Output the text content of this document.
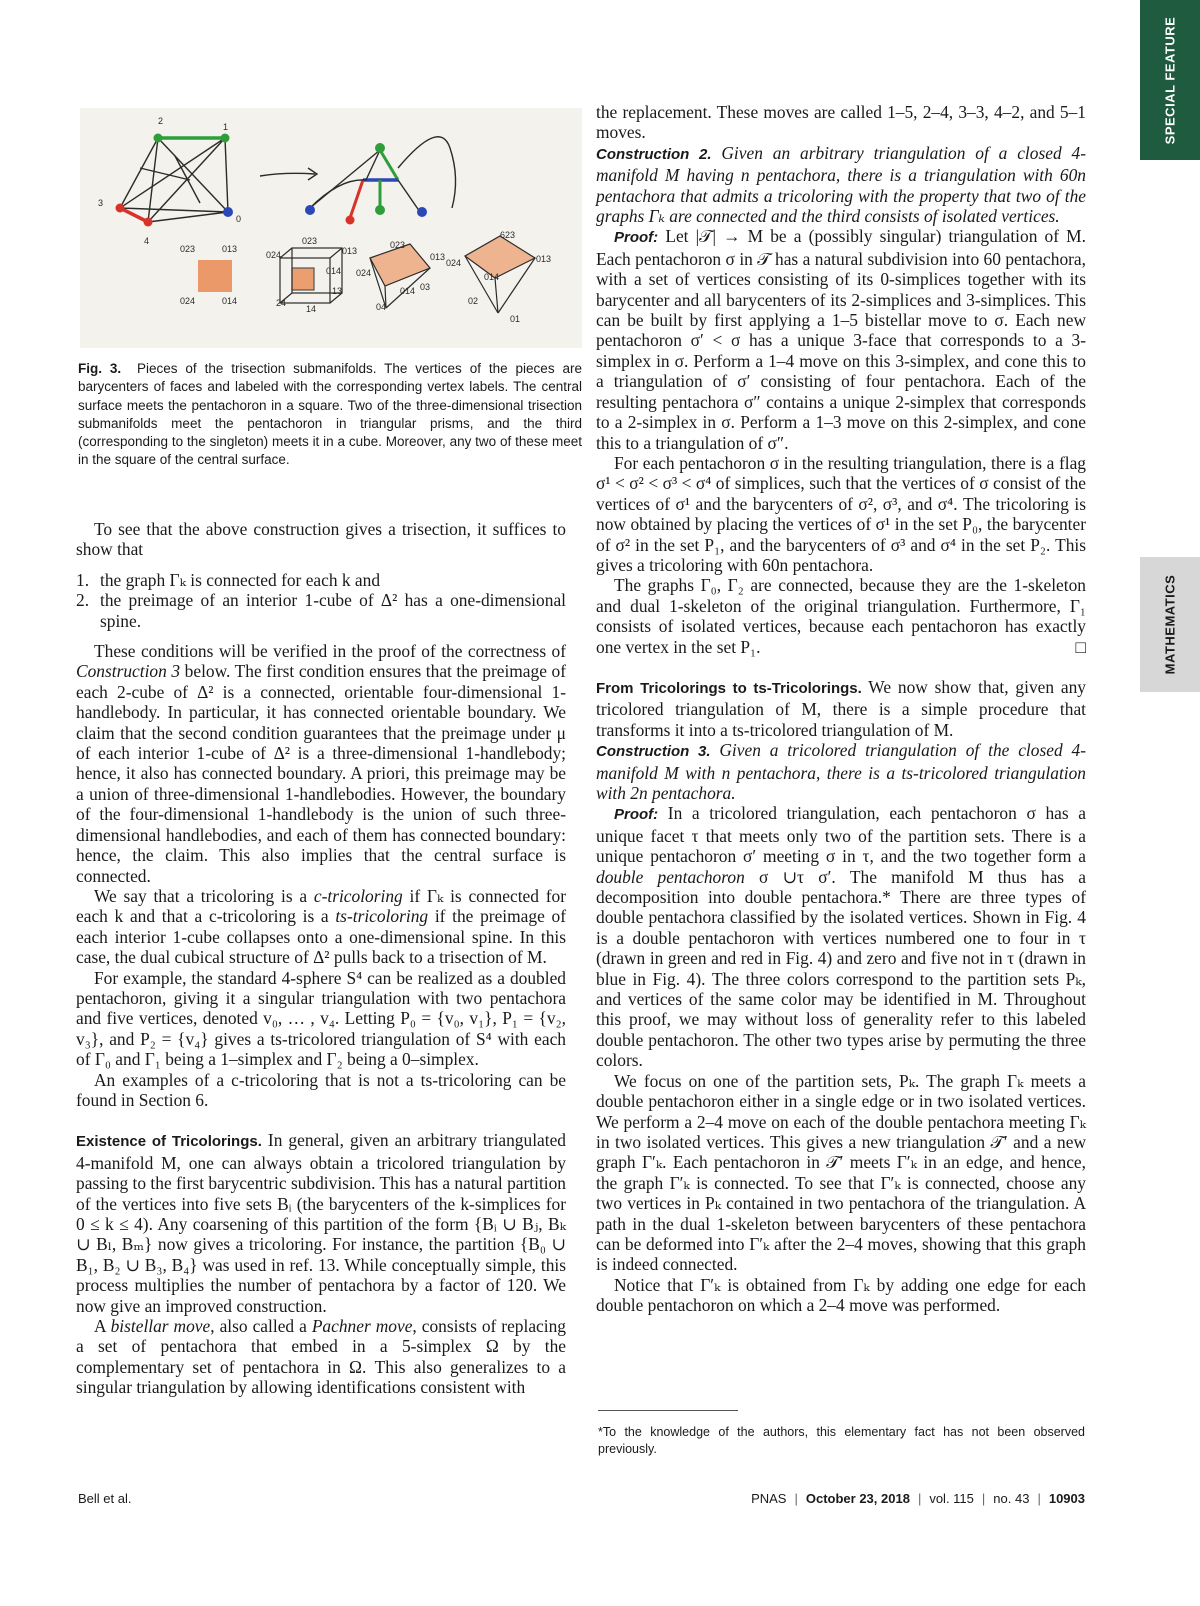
SPECIAL FEATURE
MATHEMATICS
2
1
3
0
4
023	013
024	014
023
013
024
014
023
013
024
014
623
013
024
014
02
01
03
04
24
14
13
Fig. 3. Pieces of the trisection submanifolds. The vertices of the pieces are barycenters of faces and labeled with the corresponding vertex labels. The central surface meets the pentachoron in a square. Two of the three-dimensional trisection submanifolds meet the pentachoron in triangular prisms, and the third (corresponding to the singleton) meets it in a cube. Moreover, any two of these meet in the square of the central surface.

To see that the above construction gives a trisection, it suffices to show that

1. the graph Γₖ is connected for each k and
2. the preimage of an interior 1-cube of Δ² has a one-dimensional spine.

These conditions will be verified in the proof of the correctness of Construction 3 below. The first condition ensures that the preimage of each 2-cube of Δ² is a connected, orientable four-dimensional 1-handlebody. In particular, it has connected orientable boundary. We claim that the second condition guarantees that the preimage under μ of each interior 1-cube of Δ² is a three-dimensional 1-handlebody; hence, it also has connected boundary. A priori, this preimage may be a union of three-dimensional 1-handlebodies. However, the boundary of the four-dimensional 1-handlebody is the union of such three-dimensional handlebodies, and each of them has connected boundary: hence, the claim. This also implies that the central surface is connected.

We say that a tricoloring is a c-tricoloring if Γₖ is connected for each k and that a c-tricoloring is a ts-tricoloring if the preimage of each interior 1-cube collapses onto a one-dimensional spine. In this case, the dual cubical structure of Δ² pulls back to a trisection of M.

For example, the standard 4-sphere S⁴ can be realized as a doubled pentachoron, giving it a singular triangulation with two pentachora and five vertices, denoted v₀, … , v₄. Letting P₀ = {v₀, v₁}, P₁ = {v₂, v₃}, and P₂ = {v₄} gives a ts-tricolored triangulation of S⁴ with each of Γ₀ and Γ₁ being a 1–simplex and Γ₂ being a 0–simplex.

An examples of a c-tricoloring that is not a ts-tricoloring can be found in Section 6.

Existence of Tricolorings. In general, given an arbitrary triangulated 4-manifold M, one can always obtain a tricolored triangulation by passing to the first barycentric subdivision. This has a natural partition of the vertices into five sets Bᵢ (the barycenters of the k-simplices for 0 ≤ k ≤ 4). Any coarsening of this partition of the form {Bᵢ ∪ Bⱼ, Bₖ ∪ Bₗ, Bₘ} now gives a tricoloring. For instance, the partition {B₀ ∪ B₁, B₂ ∪ B₃, B₄} was used in ref. 13. While conceptually simple, this process multiplies the number of pentachora by a factor of 120. We now give an improved construction.

A bistellar move, also called a Pachner move, consists of replacing a set of pentachora that embed in a 5-simplex Ω by the complementary set of pentachora in Ω. This also generalizes to a singular triangulation by allowing identifications consistent with

the replacement. These moves are called 1–5, 2–4, 3–3, 4–2, and 5–1 moves.

Construction 2. Given an arbitrary triangulation of a closed 4-manifold M having n pentachora, there is a triangulation with 60n pentachora that admits a tricoloring with the property that two of the graphs Γₖ are connected and the third consists of isolated vertices.

Proof: Let |𝒯| → M be a (possibly singular) triangulation of M. Each pentachoron σ in 𝒯 has a natural subdivision into 60 pentachora, with a set of vertices consisting of its 0-simplices together with its barycenter and all barycenters of its 2-simplices and 3-simplices. This can be built by first applying a 1–5 bistellar move to σ. Each new pentachoron σ′ < σ has a unique 3-face that corresponds to a 3-simplex in σ. Perform a 1–4 move on this 3-simplex, and cone this to a triangulation of σ′ consisting of four pentachora. Each of the resulting pentachora σ″ contains a unique 2-simplex that corresponds to a 2-simplex in σ. Perform a 1–3 move on this 2-simplex, and cone this to a triangulation of σ″.

For each pentachoron σ in the resulting triangulation, there is a flag σ¹ < σ² < σ³ < σ⁴ of simplices, such that the vertices of σ consist of the vertices of σ¹ and the barycenters of σ², σ³, and σ⁴. The tricoloring is now obtained by placing the vertices of σ¹ in the set P₀, the barycenter of σ² in the set P₁, and the barycenters of σ³ and σ⁴ in the set P₂. This gives a tricoloring with 60n pentachora.

The graphs Γ₀, Γ₂ are connected, because they are the 1-skeleton and dual 1-skeleton of the original triangulation. Furthermore, Γ₁ consists of isolated vertices, because each pentachoron has exactly one vertex in the set P₁.	□

From Tricolorings to ts-Tricolorings. We now show that, given any tricolored triangulation of M, there is a simple procedure that transforms it into a ts-tricolored triangulation of M.

Construction 3. Given a tricolored triangulation of the closed 4-manifold M with n pentachora, there is a ts-tricolored triangulation with 2n pentachora.

Proof: In a tricolored triangulation, each pentachoron σ has a unique facet τ that meets only two of the partition sets. There is a unique pentachoron σ′ meeting σ in τ, and the two together form a double pentachoron σ ∪τ σ′. The manifold M thus has a decomposition into double pentachora.* There are three types of double pentachora classified by the isolated vertices. Shown in Fig. 4 is a double pentachoron with vertices numbered one to four in τ (drawn in green and red in Fig. 4) and zero and five not in τ (drawn in blue in Fig. 4). The three colors correspond to the partition sets Pₖ, and vertices of the same color may be identified in M. Throughout this proof, we may without loss of generality refer to this labeled double pentachoron. The other two types arise by permuting the three colors.

We focus on one of the partition sets, Pₖ. The graph Γₖ meets a double pentachoron either in a single edge or in two isolated vertices. We perform a 2–4 move on each of the double pentachora meeting Γₖ in two isolated vertices. This gives a new triangulation 𝒯′ and a new graph Γ′ₖ. Each pentachoron in 𝒯′ meets Γ′ₖ in an edge, and hence, the graph Γ′ₖ is connected. To see that Γ′ₖ is connected, choose any two vertices in Pₖ contained in two pentachora of the triangulation. A path in the dual 1-skeleton between barycenters of these pentachora can be deformed into Γ′ₖ after the 2–4 moves, showing that this graph is indeed connected.

Notice that Γ′ₖ is obtained from Γₖ by adding one edge for each double pentachoron on which a 2–4 move was performed.

*To the knowledge of the authors, this elementary fact has not been observed previously.
Bell et al.	PNAS | October 23, 2018 | vol. 115 | no. 43 | 10903
